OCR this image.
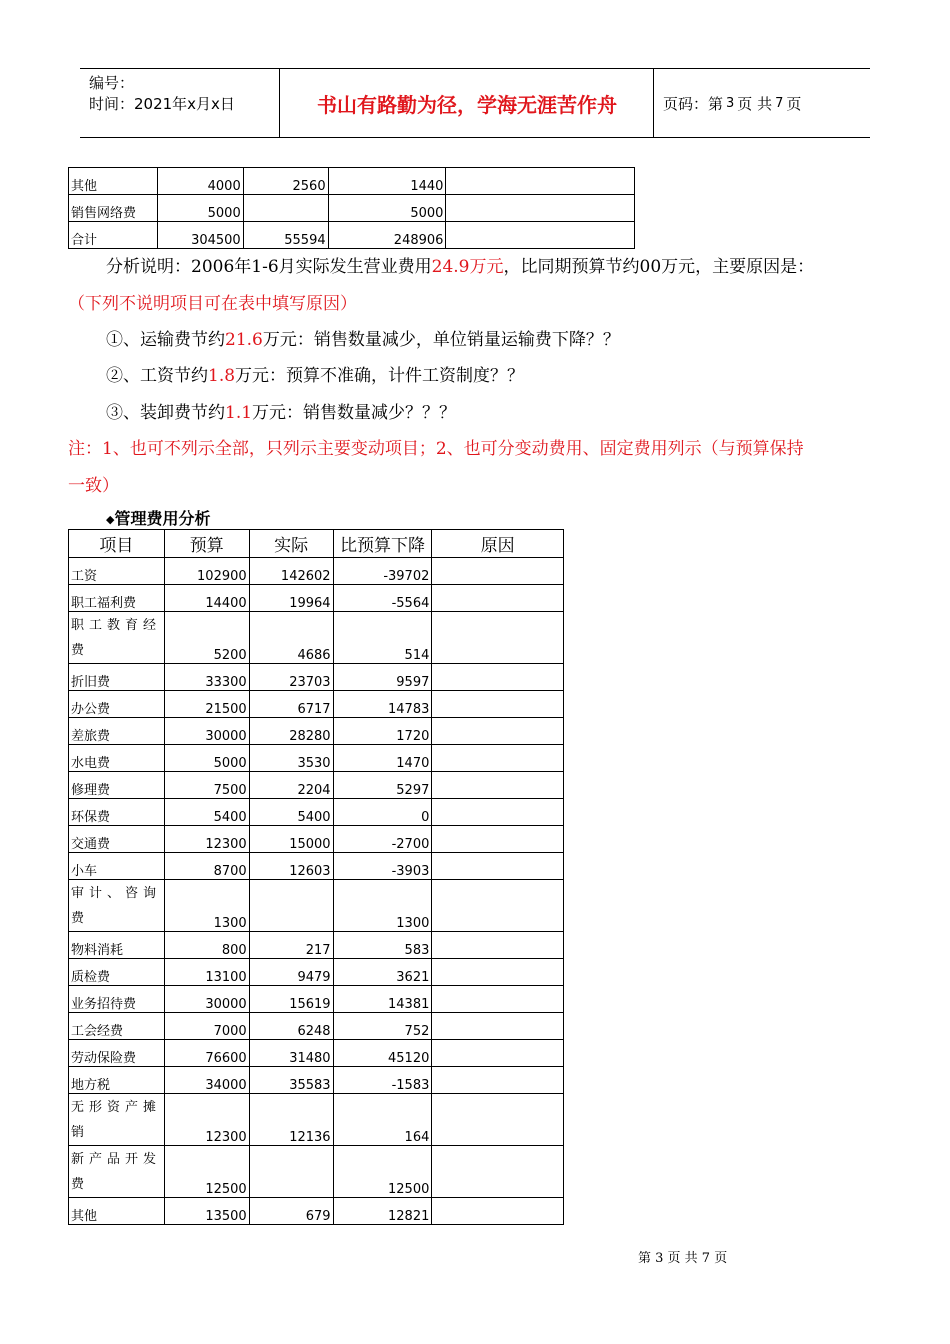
编号：
时间：2021年x月x日	书山有路勤为径，学海无涯苦作舟	页码：第 3 页 共 7 页
其他	4000	2560	1440	
销售网络费	5000		5000	
合计	304500	55594	248906	
分析说明：2006年1-6月实际发生营业费用24.9万元，比同期预算节约00万元，主要原因是：
（下列不说明项目可在表中填写原因）
①、运输费节约21.6万元：销售数量减少，单位销量运输费下降？？
②、工资节约1.8万元：预算不准确，计件工资制度？？
③、装卸费节约1.1万元：销售数量减少？？？
注：1、也可不列示全部，只列示主要变动项目；2、也可分变动费用、固定费用列示（与预算保持
一致）
◆管理费用分析
项目	预算	实际	比预算下降	原因
工资	102900	142602	-39702	
职工福利费	14400	19964	-5564	
职工教育经费	5200	4686	514	
折旧费	33300	23703	9597	
办公费	21500	6717	14783	
差旅费	30000	28280	1720	
水电费	5000	3530	1470	
修理费	7500	2204	5297	
环保费	5400	5400	0	
交通费	12300	15000	-2700	
小车	8700	12603	-3903	
审计、咨询费	1300		1300	
物料消耗	800	217	583	
质检费	13100	9479	3621	
业务招待费	30000	15619	14381	
工会经费	7000	6248	752	
劳动保险费	76600	31480	45120	
地方税	34000	35583	-1583	
无形资产摊销	12300	12136	164	
新产品开发费	12500		12500	
其他	13500	679	12821	
第 3 页 共 7 页
